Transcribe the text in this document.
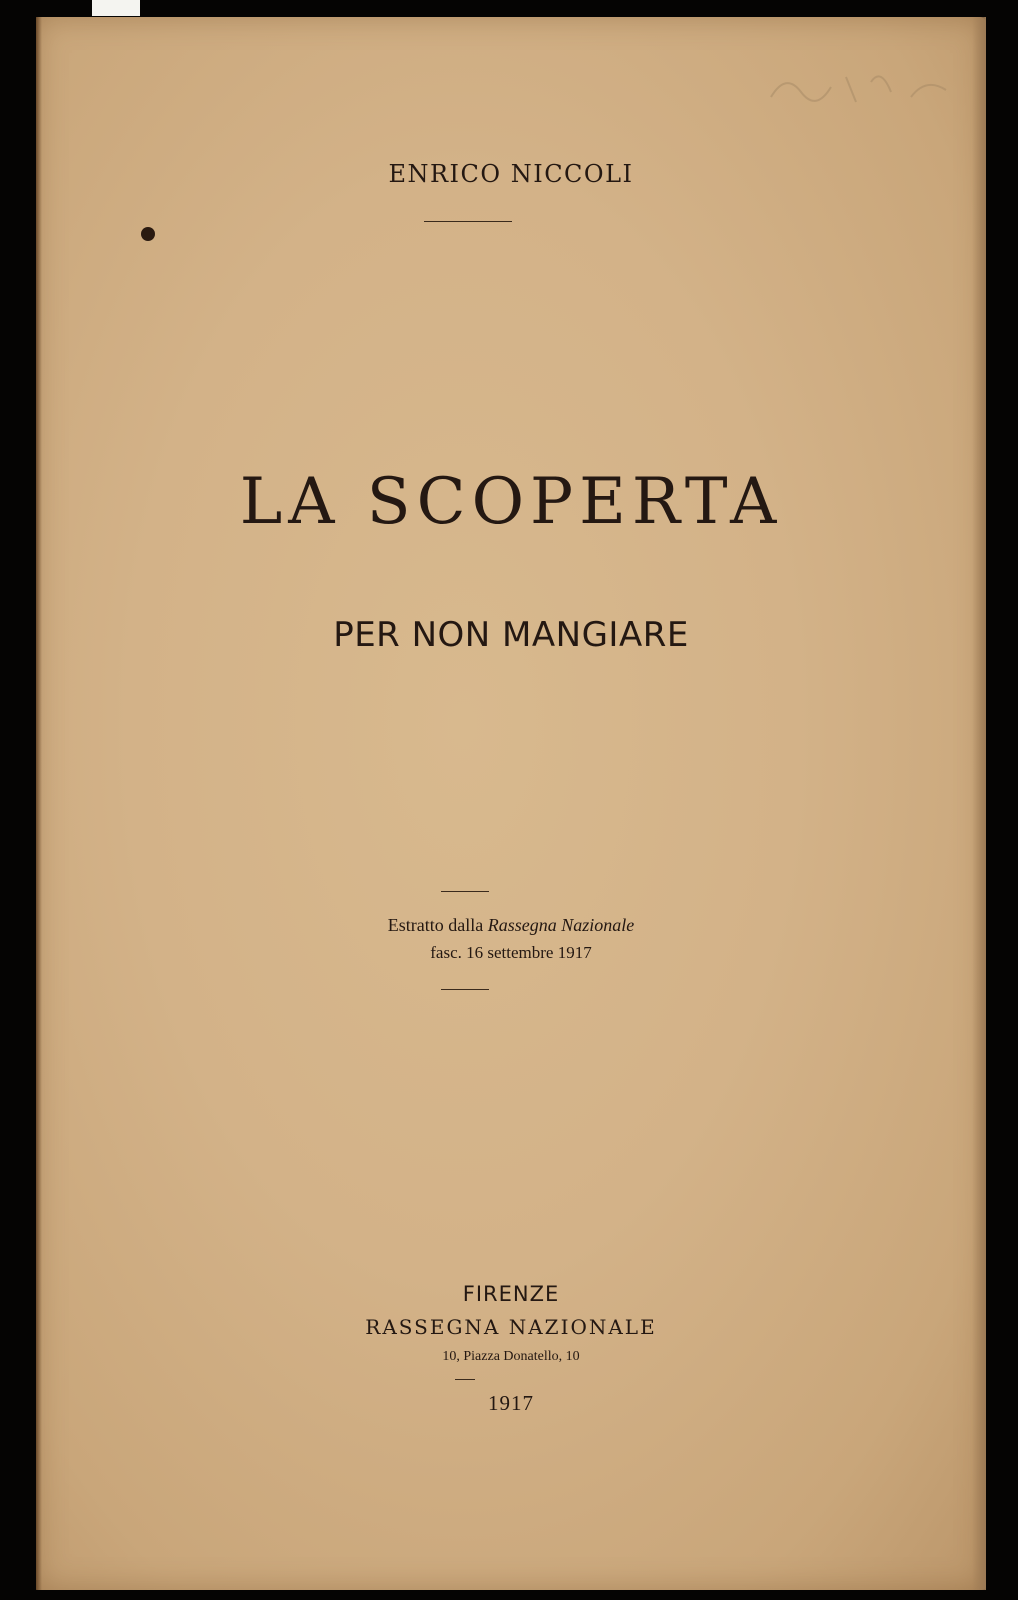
ENRICO NICCOLI
LA SCOPERTA
PER NON MANGIARE
Estratto dalla Rassegna Nazionale
fasc. 16 settembre 1917
FIRENZE
RASSEGNA NAZIONALE
10, Piazza Donatello, 10
1917
